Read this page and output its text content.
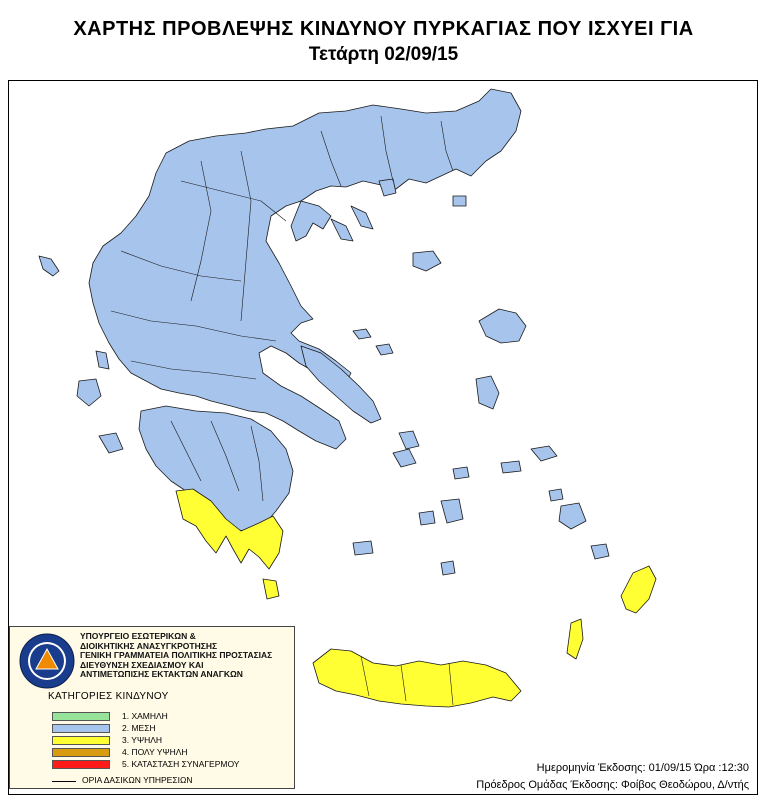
ΧΑΡΤΗΣ ΠΡΟΒΛΕΨΗΣ ΚΙΝΔΥΝΟΥ ΠΥΡΚΑΓΙΑΣ ΠΟΥ ΙΣΧΥΕΙ ΓΙΑ
Τετάρτη 02/09/15
ΥΠΟΥΡΓΕΙΟ ΕΣΩΤΕΡΙΚΩΝ &
ΔΙΟΙΚΗΤΙΚΗΣ ΑΝΑΣΥΓΚΡΟΤΗΣΗΣ
ΓΕΝΙΚΗ ΓΡΑΜΜΑΤΕΙΑ ΠΟΛΙΤΙΚΗΣ ΠΡΟΣΤΑΣΙΑΣ
ΔΙΕΥΘΥΝΣΗ ΣΧΕΔΙΑΣΜΟΥ ΚΑΙ
ΑΝΤΙΜΕΤΩΠΙΣΗΣ ΕΚΤΑΚΤΩΝ ΑΝΑΓΚΩΝ
ΚΑΤΗΓΟΡΙΕΣ ΚΙΝΔΥΝΟΥ
1. ΧΑΜΗΛΗ
2. ΜΕΣΗ
3. ΥΨΗΛΗ
4. ΠΟΛΥ ΥΨΗΛΗ
5. ΚΑΤΑΣΤΑΣΗ ΣΥΝΑΓΕΡΜΟΥ
ΟΡΙΑ ΔΑΣΙΚΩΝ ΥΠΗΡΕΣΙΩΝ
Ημερομηνία Έκδοσης: 01/09/15 Ώρα :12:30
Πρόεδρος Ομάδας Έκδοσης: Φοίβος Θεοδώρου, Δ/ντής
